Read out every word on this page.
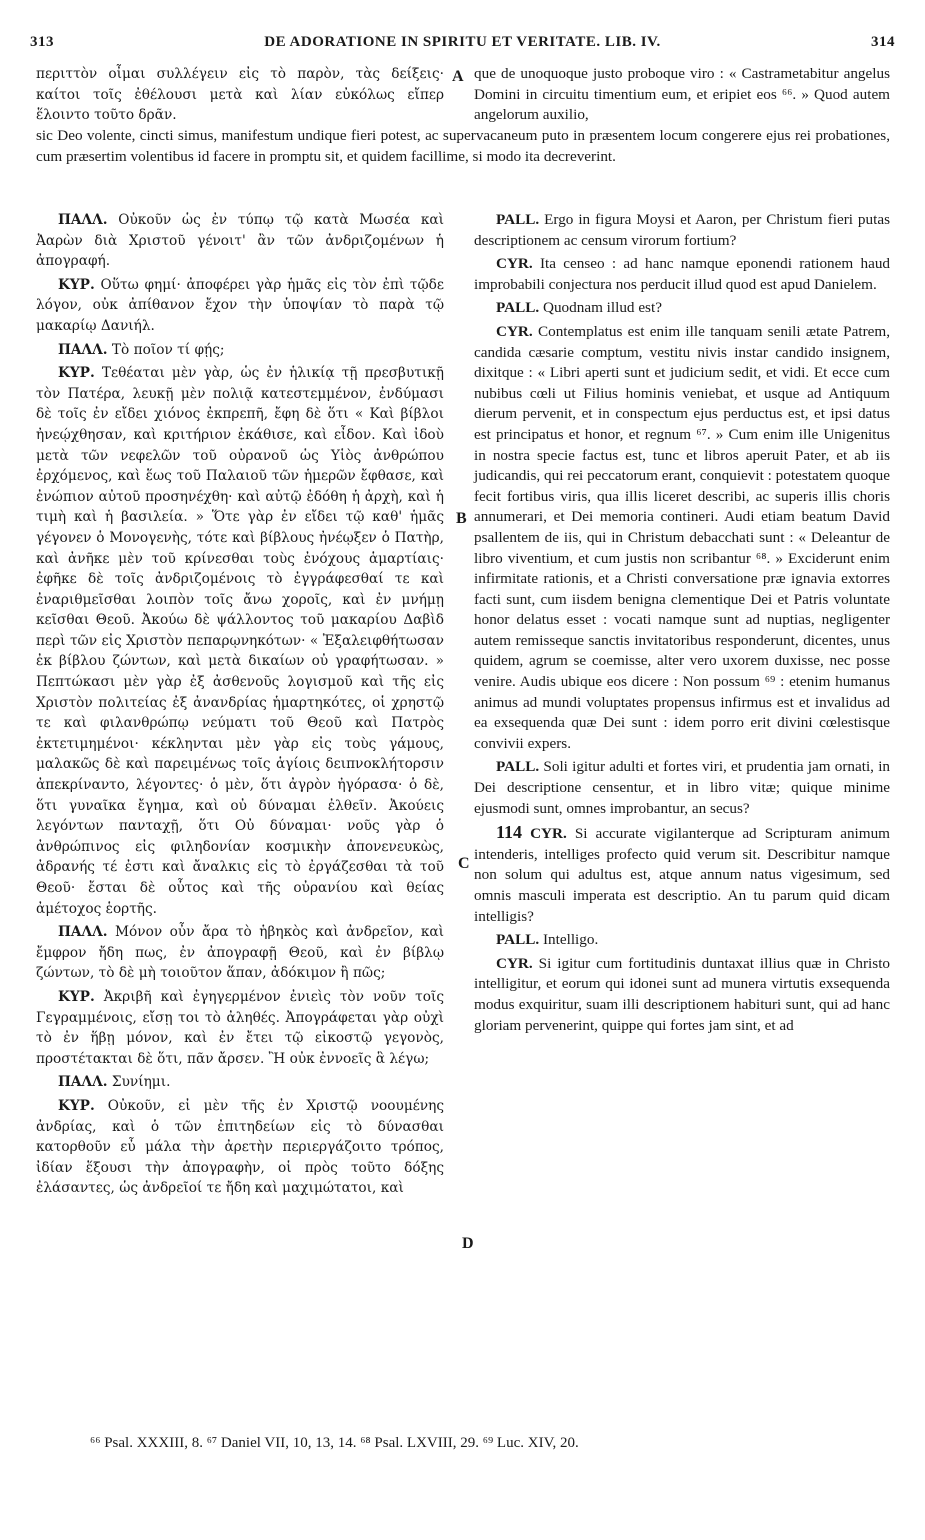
313	DE ADORATIONE IN SPIRITU ET VERITATE. LIB. IV.	314

περιττὸν οἶμαι συλλέγειν εἰς τὸ παρὸν, τὰς δείξεις· καίτοι τοῖς ἐθέλουσι μετὰ καὶ λίαν εὐκόλως εἴπερ ἕλοιντο τοῦτο δρᾶν.

que de unoquoque justo proboque viro : « Castrametabitur angelus Domini in circuitu timentium eum, et eripiet eos ⁶⁶. » Quod autem angelorum auxilio,

sic Deo volente, cincti simus, manifestum undique fieri potest, ac supervacaneum puto in præsentem locum congerere ejus rei probationes, cum præsertim volentibus id facere in promptu sit, et quidem facillime, si modo ita decreverint.
A
B
C
D

ΠΑΛΛ. Οὐκοῦν ὡς ἐν τύπῳ τῷ κατὰ Μωσέα καὶ Ἀαρὼν διὰ Χριστοῦ γένοιτ' ἂν τῶν ἀνδριζομένων ἡ ἀπογραφή.

ΚΥΡ. Οὕτω φημί· ἀποφέρει γὰρ ἡμᾶς εἰς τὸν ἐπὶ τῷδε λόγον, οὐκ ἀπίθανον ἔχον τὴν ὑποψίαν τὸ παρὰ τῷ μακαρίῳ Δανιήλ.

ΠΑΛΛ. Τὸ ποῖον τί φῄς;

ΚΥΡ. Τεθέαται μὲν γὰρ, ὡς ἐν ἡλικίᾳ τῇ πρεσβυτικῇ τὸν Πατέρα, λευκῇ μὲν πολιᾷ κατεστεμμένον, ἐνδύμασι δὲ τοῖς ἐν εἴδει χιόνος ἐκπρεπῆ, ἔφη δὲ ὅτι « Καὶ βίβλοι ἠνεῴχθησαν, καὶ κριτήριον ἐκάθισε, καὶ εἶδον. Καὶ ἰδοὺ μετὰ τῶν νεφελῶν τοῦ οὐρανοῦ ὡς Υἱὸς ἀνθρώπου ἐρχόμενος, καὶ ἕως τοῦ Παλαιοῦ τῶν ἡμερῶν ἔφθασε, καὶ ἐνώπιον αὐτοῦ προσηνέχθη· καὶ αὐτῷ ἐδόθη ἡ ἀρχὴ, καὶ ἡ τιμὴ καὶ ἡ βασιλεία. » Ὅτε γὰρ ἐν εἴδει τῷ καθ' ἡμᾶς γέγονεν ὁ Μονογενὴς, τότε καὶ βίβλους ἠνέῳξεν ὁ Πατὴρ, καὶ ἀνῆκε μὲν τοῦ κρίνεσθαι τοὺς ἐνόχους ἁμαρτίαις· ἐφῆκε δὲ τοῖς ἀνδριζομένοις τὸ ἐγγράφεσθαί τε καὶ ἐναριθμεῖσθαι λοιπὸν τοῖς ἄνω χοροῖς, καὶ ἐν μνήμῃ κεῖσθαι Θεοῦ. Ἀκούω δὲ ψάλλοντος τοῦ μακαρίου Δαβὶδ περὶ τῶν εἰς Χριστὸν πεπαρῳνηκότων· « Ἐξαλειφθήτωσαν ἐκ βίβλου ζώντων, καὶ μετὰ δικαίων οὐ γραφήτωσαν. » Πεπτώκασι μὲν γὰρ ἐξ ἀσθενοῦς λογισμοῦ καὶ τῆς εἰς Χριστὸν πολιτείας ἐξ ἀνανδρίας ἡμαρτηκότες, οἱ χρηστῷ τε καὶ φιλανθρώπῳ νεύματι τοῦ Θεοῦ καὶ Πατρὸς ἐκτετιμημένοι· κέκληνται μὲν γὰρ εἰς τοὺς γάμους, μαλακῶς δὲ καὶ παρειμένως τοῖς ἁγίοις δειπνοκλήτορσιν ἀπεκρίναντο, λέγοντες· ὁ μὲν, ὅτι ἀγρὸν ἠγόρασα· ὁ δὲ, ὅτι γυναῖκα ἔγημα, καὶ οὐ δύναμαι ἐλθεῖν. Ἀκούεις λεγόντων πανταχῇ, ὅτι Οὐ δύναμαι· νοῦς γὰρ ὁ ἀνθρώπινος εἰς φιληδονίαν κοσμικὴν ἀπονενευκὼς, ἀδρανής τέ ἐστι καὶ ἄναλκις εἰς τὸ ἐργάζεσθαι τὰ τοῦ Θεοῦ· ἔσται δὲ οὗτος καὶ τῆς οὐρανίου καὶ θείας ἀμέτοχος ἑορτῆς.

ΠΑΛΛ. Μόνον οὖν ἄρα τὸ ἡβηκὸς καὶ ἀνδρεῖον, καὶ ἔμφρον ἤδη πως, ἐν ἀπογραφῇ Θεοῦ, καὶ ἐν βίβλῳ ζώντων, τὸ δὲ μὴ τοιοῦτον ἅπαν, ἀδόκιμον ἢ πῶς;

ΚΥΡ. Ἀκριβῆ καὶ ἐγηγερμένον ἐνιεὶς τὸν νοῦν τοῖς Γεγραμμένοις, εἴσῃ τοι τὸ ἀληθές. Ἀπογράφεται γὰρ οὐχὶ τὸ ἐν ἥβῃ μόνον, καὶ ἐν ἔτει τῷ εἰκοστῷ γεγονὸς, προστέτακται δὲ ὅτι, πᾶν ἄρσεν. Ἢ οὐκ ἐννοεῖς ἃ λέγω;

ΠΑΛΛ. Συνίημι.

ΚΥΡ. Οὐκοῦν, εἰ μὲν τῆς ἐν Χριστῷ νοουμένης ἀνδρίας, καὶ ὁ τῶν ἐπιτηδείων εἰς τὸ δύνασθαι κατορθοῦν εὖ μάλα τὴν ἀρετὴν περιεργάζοιτο τρόπος, ἰδίαν ἕξουσι τὴν ἀπογραφὴν, οἱ πρὸς τοῦτο δόξης ἐλάσαντες, ὡς ἀνδρεῖοί τε ἤδη καὶ μαχιμώτατοι, καὶ

PALL. Ergo in figura Moysi et Aaron, per Christum fieri putas descriptionem ac censum virorum fortium?

CYR. Ita censeo : ad hanc namque eponendi rationem haud improbabili conjectura nos perducit illud quod est apud Danielem.

PALL. Quodnam illud est?

CYR. Contemplatus est enim ille tanquam senili ætate Patrem, candida cæsarie comptum, vestitu nivis instar candido insignem, dixitque : « Libri aperti sunt et judicium sedit, et vidi. Et ecce cum nubibus cœli ut Filius hominis veniebat, et usque ad Antiquum dierum pervenit, et in conspectum ejus perductus est, et ipsi datus est principatus et honor, et regnum ⁶⁷. » Cum enim ille Unigenitus in nostra specie factus est, tunc et libros aperuit Pater, et ab iis judicandis, qui rei peccatorum erant, conquievit : potestatem quoque fecit fortibus viris, qua illis liceret describi, ac superis illis choris annumerari, et Dei memoria contineri. Audi etiam beatum David psallentem de iis, qui in Christum debacchati sunt : « Deleantur de libro viventium, et cum justis non scribantur ⁶⁸. » Exciderunt enim infirmitate rationis, et a Christi conversatione præ ignavia extorres facti sunt, cum iisdem benigna clementique Dei et Patris voluntate honor delatus esset : vocati namque sunt ad nuptias, negligenter autem remisseque sanctis invitatoribus responderunt, dicentes, unus quidem, agrum se coemisse, alter vero uxorem duxisse, nec posse venire. Audis ubique eos dicere : Non possum ⁶⁹ : etenim humanus animus ad mundi voluptates propensus infirmus est et invalidus ad ea exsequenda quæ Dei sunt : idem porro erit divini cœlestisque convivii expers.

PALL. Soli igitur adulti et fortes viri, et prudentia jam ornati, in Dei descriptione censentur, et in libro vitæ; quique minime ejusmodi sunt, omnes improbantur, an secus?

114 CYR. Si accurate vigilanterque ad Scripturam animum intenderis, intelliges profecto quid verum sit. Describitur namque non solum qui adultus est, atque annum natus vigesimum, sed omnis masculi imperata est descriptio. An tu parum quid dicam intelligis?

PALL. Intelligo.

CYR. Si igitur cum fortitudinis duntaxat illius quæ in Christo intelligitur, et eorum qui idonei sunt ad munera virtutis exsequenda modus exquiritur, suam illi descriptionem habituri sunt, qui ad hanc gloriam pervenerint, quippe qui fortes jam sint, et ad

⁶⁶ Psal. XXXIII, 8. ⁶⁷ Daniel VII, 10, 13, 14. ⁶⁸ Psal. LXVIII, 29. ⁶⁹ Luc. XIV, 20.
